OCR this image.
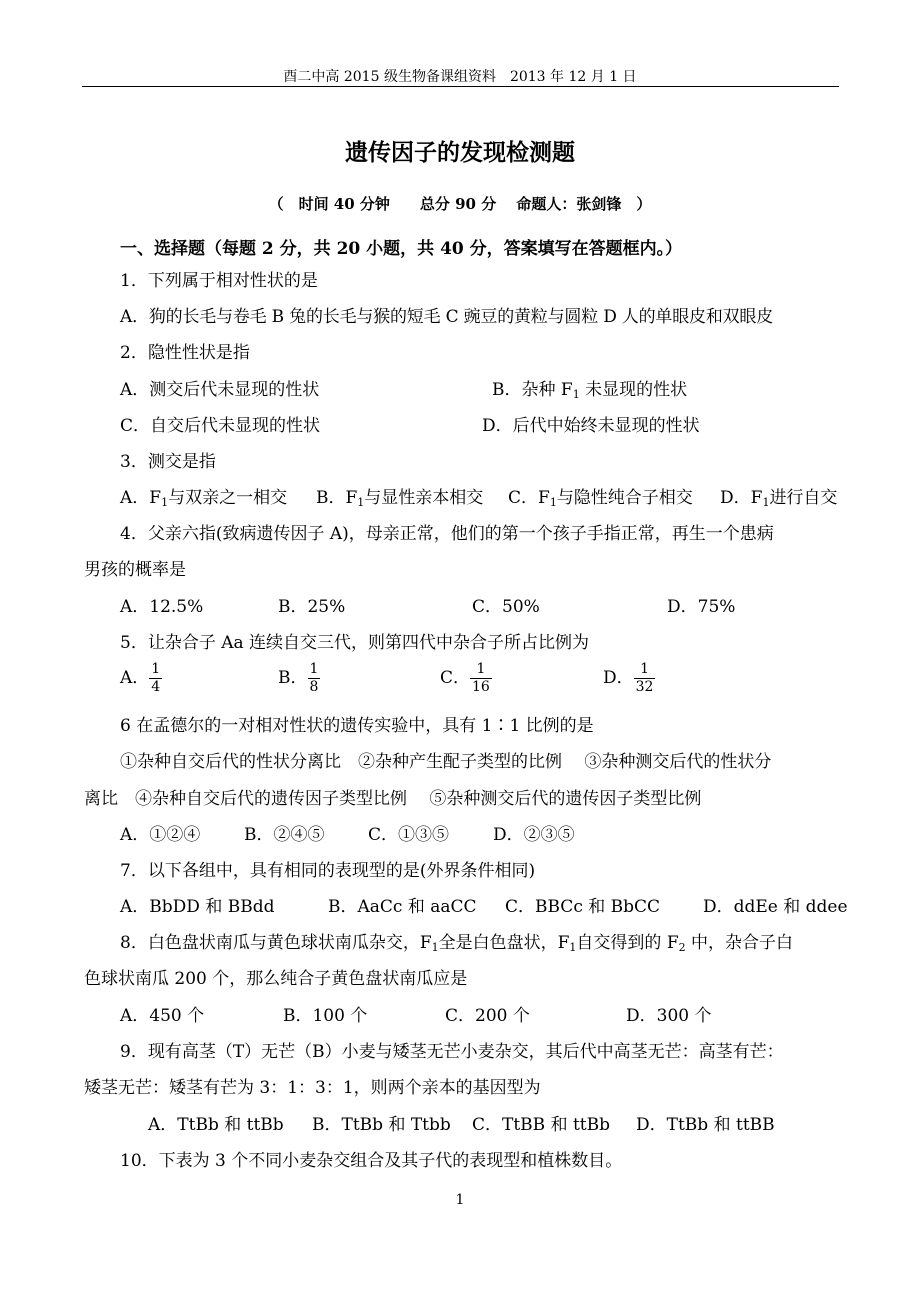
酉二中高 2015 级生物备课组资料　2013 年 12 月 1 日
遗传因子的发现检测题
（　时间 40 分钟　　总分 90 分　 命题人：张剑锋　）
一、选择题（每题 2 分，共 20 小题，共 40 分，答案填写在答题框内。）
1．下列属于相对性状的是
A．狗的长毛与卷毛 B 兔的长毛与猴的短毛 C 豌豆的黄粒与圆粒 D 人的单眼皮和双眼皮
2．隐性性状是指
A．测交后代未显现的性状	B．杂种 $F_1$ 未显现的性状
C．自交后代未显现的性状	D．后代中始终未显现的性状
3．测交是指
A．$F_1$与双亲之一相交 B．$F_1$与显性亲本相交 C．$F_1$与隐性纯合子相交 D．$F_1$进行自交
4．父亲六指(致病遗传因子 A)，母亲正常，他们的第一个孩子手指正常，再生一个患病
男孩的概率是
A．12.5%	B．25%	C．50%	D．75%
5．让杂合子 Aa 连续自交三代，则第四代中杂合子所占比例为
A． $\frac{1}{4}$	B． $\frac{1}{8}$	C． $\frac{1}{16}$	D． $\frac{1}{32}$
6 在孟德尔的一对相对性状的遗传实验中，具有 1∶1 比例的是
①杂种自交后代的性状分离比　②杂种产生配子类型的比例　 ③杂种测交后代的性状分
离比　④杂种自交后代的遗传因子类型比例　 ⑤杂种测交后代的遗传因子类型比例
A．①②④	B．②④⑤	C．①③⑤	D．②③⑤
7．以下各组中，具有相同的表现型的是(外界条件相同)
A．BbDD 和 BBdd	B．AaCc 和 aaCC C．BBCc 和 BbCC	D．ddEe 和 ddee
8．白色盘状南瓜与黄色球状南瓜杂交，$F_1$全是白色盘状，$F_1$自交得到的 $F_2$ 中，杂合子白
色球状南瓜 200 个，那么纯合子黄色盘状南瓜应是
A．450 个	B．100 个	C．200 个	D．300 个
9．现有高茎（T）无芒（B）小麦与矮茎无芒小麦杂交，其后代中高茎无芒：高茎有芒：
矮茎无芒：矮茎有芒为 3：1：3：1，则两个亲本的基因型为
A．TtBb 和 ttBb B．TtBb 和 Ttbb C．TtBB 和 ttBb D．TtBb 和 ttBB
10．下表为 3 个不同小麦杂交组合及其子代的表现型和植株数目。
1
